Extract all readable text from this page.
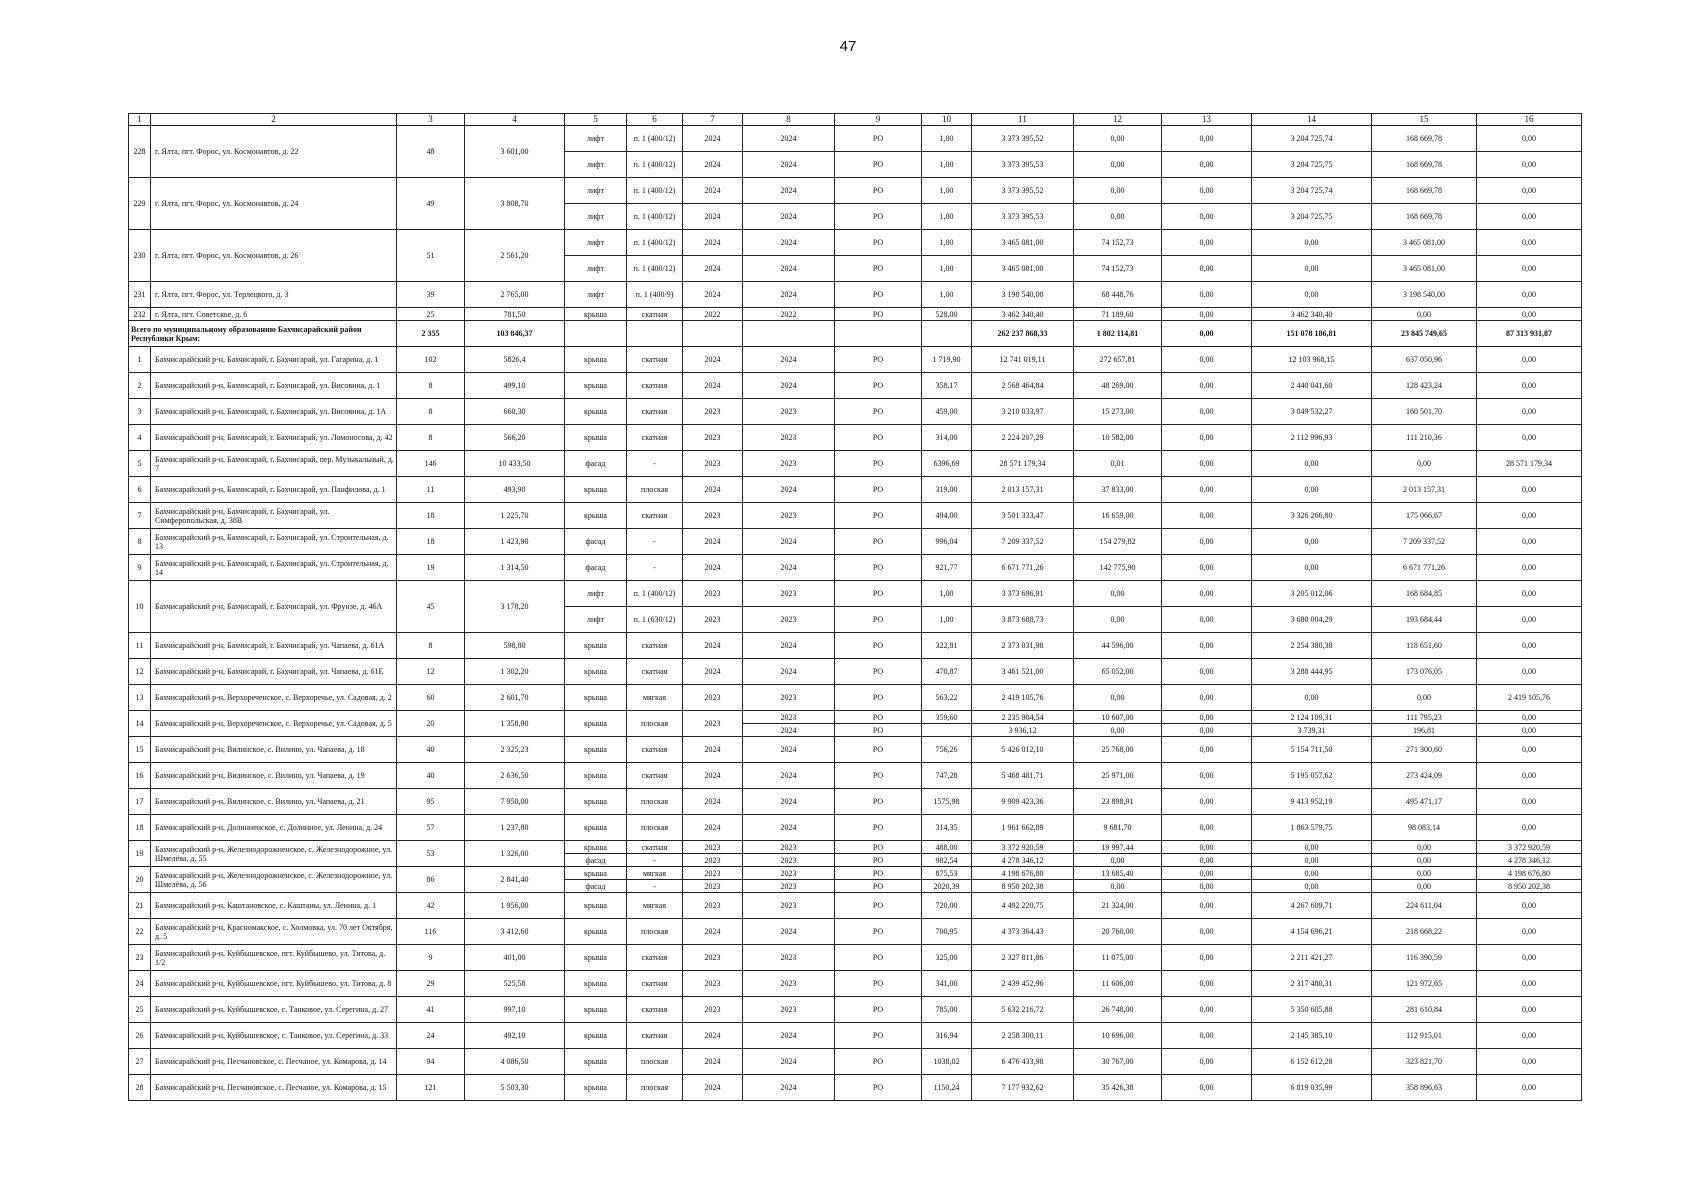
47
1	2	3	4	5	6	7	8	9	10	11	12	13	14	15	16
228	г. Ялта, пгт. Форос, ул. Космонавтов, д. 22	48	3 601,00	лифт	п. 1 (400/12)	2024	2024	РО	1,00	3 373 395,52	0,00	0,00	3 204 725,74	168 669,78	0,00
				лифт	п. 1 (400/12)	2024	2024	РО	1,00	3 373 395,53	0,00	0,00	3 204 725,75	168 669,78	0,00
229	г. Ялта, пгт. Форос, ул. Космонавтов, д. 24	49	3 808,70	лифт	п. 1 (400/12)	2024	2024	РО	1,00	3 373 395,52	0,00	0,00	3 204 725,74	168 669,78	0,00
				лифт	п. 1 (400/12)	2024	2024	РО	1,00	3 373 395,53	0,00	0,00	3 204 725,75	168 669,78	0,00
230	г. Ялта, пгт. Форос, ул. Космонавтов, д. 26	51	2 561,20	лифт	п. 1 (400/12)	2024	2024	РО	1,00	3 465 081,00	74 152,73	0,00	0,00	3 465 081,00	0,00
				лифт	п. 1 (400/12)	2024	2024	РО	1,00	3 465 081,00	74 152,73	0,00	0,00	3 465 081,00	0,00
231	г. Ялта, пгт. Форос, ул. Терлецкого, д. 3	39	2 765,00	лифт	п. 1 (400/9)	2024	2024	РО	1,00	3 198 540,00	68 448,76	0,00	0,00	3 198 540,00	0,00
232	г. Ялта, пгт. Советское, д. 6	25	781,50	крыша	скатная	2022	2022	РО	528,00	3 462 340,40	71 189,60	0,00	3 462 340,40	0,00	0,00
Всего по муниципальному образованию Бахчисарайский район Республики Крым:		2 355	103 846,37							262 237 868,33	1 802 114,81	0,00	151 078 186,81	23 845 749,65	87 313 931,87
1	Бахчисарайский р-н, Бахчисарай, г. Бахчисарай, ул. Гагарина, д. 1	102	5826,4	крыша	скатная	2024	2024	РО	1 719,90	12 741 019,11	272 657,81	0,00	12 103 968,15	637 050,96	0,00
2	Бахчисарайский р-н, Бахчисарай, г. Бахчисарай, ул. Висовина, д. 1	8	499,10	крыша	скатная	2024	2024	РО	358,17	2 568 464,84	48 269,00	0,00	2 440 041,60	128 423,24	0,00
3	Бахчисарайский р-н, Бахчисарай, г. Бахчисарай, ул. Висовина, д. 1А	8	660,30	крыша	скатная	2023	2023	РО	459,00	3 210 033,97	15 273,00	0,00	3 049 532,27	160 501,70	0,00
4	Бахчисарайский р-н, Бахчисарай, г. Бахчисарай, ул. Ломоносова, д. 42	8	566,20	крыша	скатная	2023	2023	РО	314,00	2 224 207,29	10 582,00	0,00	2 112 996,93	111 210,36	0,00
5	Бахчисарайский р-н, Бахчисарай, г. Бахчисарай, пер. Музыкальный, д. 7	146	10 433,50	фасад	-	2023	2023	РО	6396,69	28 571 179,34	0,01	0,00	0,00	0,00	28 571 179,34
6	Бахчисарайский р-н, Бахчисарай, г. Бахчисарай, ул. Панфилова, д. 1	11	493,90	крыша	плоская	2024	2024	РО	319,00	2 013 157,31	37 833,00	0,00	0,00	2 013 157,31	0,00
7	Бахчисарайский р-н, Бахчисарай, г. Бахчисарай, ул. Симферопольская, д. 38В	18	1 225,70	крыша	скатная	2023	2023	РО	494,00	3 501 333,47	16 659,00	0,00	3 326 266,80	175 066,67	0,00
8	Бахчисарайский р-н, Бахчисарай, г. Бахчисарай, ул. Строительная, д. 13	18	1 423,90	фасад	-	2024	2024	РО	996,04	7 209 337,52	154 279,82	0,00	0,00	7 209 337,52	0,00
9	Бахчисарайский р-н, Бахчисарай, г. Бахчисарай, ул. Строительная, д. 14	19	1 314,50	фасад	-	2024	2024	РО	921,77	6 671 771,26	142 775,90	0,00	0,00	6 671 771,26	0,00
10	Бахчисарайский р-н, Бахчисарай, г. Бахчисарай, ул. Фрунзе, д. 46А	45	3 178,20	лифт	п. 1 (400/12)	2023	2023	РО	1,00	3 373 696,91	0,00	0,00	3 205 012,06	168 684,85	0,00
				лифт	п. 1 (630/12)	2023	2023	РО	1,00	3 873 688,73	0,00	0,00	3 680 004,29	193 684,44	0,00
11	Бахчисарайский р-н, Бахчисарай, г. Бахчисарай, ул. Чапаева, д. 61А	8	598,80	крыша	скатная	2024	2024	РО	322,81	2 373 031,98	44 596,00	0,00	2 254 380,38	118 651,60	0,00
12	Бахчисарайский р-н, Бахчисарай, г. Бахчисарай, ул. Чапаева, д. 61Е	12	1 302,20	крыша	скатная	2024	2024	РО	470,87	3 461 521,00	65 052,00	0,00	3 288 444,95	173 076,05	0,00
13	Бахчисарайский р-н, Верхореченское, с. Верхоречье, ул. Садовая, д. 2	60	2 601,70	крыша	мягкая	2023	2023	РО	563,22	2 419 105,76	0,00	0,00	0,00	0,00	2 419 105,76
14	Бахчисарайский р-н, Верхореченское, с. Верхоречье, ул. Садовая, д. 5	20	1 358,90	крыша	плоская	2023	2023	РО	359,60	2 235 904,54	10 607,00	0,00	2 124 109,31	111 795,23	0,00
							2024	РО		3 936,12	0,00	0,00	3 739,31	196,81	0,00
15	Бахчисарайский р-н, Вилинское, с. Вилино, ул. Чапаева, д. 18	40	2 325,23	крыша	скатная	2024	2024	РО	756,26	5 426 012,10	25 768,00	0,00	5 154 711,50	271 300,60	0,00
16	Бахчисарайский р-н, Вилинское, с. Вилино, ул. Чапаева, д. 19	40	2 636,50	крыша	скатная	2024	2024	РО	747,28	5 468 481,71	25 971,00	0,00	5 195 057,62	273 424,09	0,00
17	Бахчисарайский р-н, Вилинское, с. Вилино, ул. Чапаева, д. 21	95	7 950,00	крыша	плоская	2024	2024	РО	1575,98	9 909 423,36	23 898,91	0,00	9 413 952,19	495 471,17	0,00
18	Бахчисарайский р-н, Долинненское, с. Долинное, ул. Ленина, д. 24	57	1 237,80	крыша	плоская	2024	2024	РО	314,35	1 961 662,89	9 681,70	0,00	1 863 579,75	98 083,14	0,00
19	Бахчисарайский р-н, Железнодорожненское, с. Железнодорожное, ул. Шмелёва, д. 55	53	1 326,00	крыша	скатная	2023	2023	РО	488,00	3 372 920,59	19 997,44	0,00	0,00	0,00	3 372 920,59
				фасад	-	2023	2023	РО	982,54	4 278 346,12	0,00	0,00	0,00	0,00	4 278 346,12
20	Бахчисарайский р-н, Железнодорожненское, с. Железнодорожное, ул. Шмелёва, д. 56	86	2 841,40	крыша	мягкая	2023	2023	РО	875,53	4 198 676,80	13 685,40	0,00	0,00	0,00	4 198 676,80
				фасад	-	2023	2023	РО	2020,39	8 950 202,38	0,00	0,00	0,00	0,00	8 950 202,38
21	Бахчисарайский р-н, Каштановское, с. Каштаны, ул. Ленина, д. 1	42	1 956,00	крыша	мягкая	2023	2023	РО	720,00	4 492 220,75	21 324,00	0,00	4 267 609,71	224 611,04	0,00
22	Бахчисарайский р-н, Красномакское, с. Холмовка, ул. 70 лет Октября, д. 5	116	3 412,60	крыша	плоская	2024	2024	РО	700,95	4 373 364,43	20 760,00	0,00	4 154 696,21	218 668,22	0,00
23	Бахчисарайский р-н, Куйбышевское, пгт. Куйбышево, ул. Титова, д. 1/2	9	401,00	крыша	скатная	2023	2023	РО	325,00	2 327 811,86	11 075,00	0,00	2 211 421,27	116 390,59	0,00
24	Бахчисарайский р-н, Куйбышевское, пгт. Куйбышево, ул. Титова, д. 8	29	525,58	крыша	скатная	2023	2023	РО	341,00	2 439 452,96	11 606,00	0,00	2 317 480,31	121 972,65	0,00
25	Бахчисарайский р-н, Куйбышевское, с. Танковое, ул. Серегина, д. 27	41	997,10	крыша	скатная	2023	2023	РО	785,00	5 632 216,72	26 748,00	0,00	5 350 605,88	281 610,84	0,00
26	Бахчисарайский р-н, Куйбышевское, с. Танковое, ул. Серегина, д. 33	24	492,10	крыша	скатная	2024	2024	РО	316,94	2 258 300,11	10 696,00	0,00	2 145 385,10	112 915,01	0,00
27	Бахчисарайский р-н, Песчановское, с. Песчаное, ул. Комарова, д. 14	94	4 086,50	крыша	плоская	2024	2024	РО	1038,02	6 476 433,98	30 767,00	0,00	6 152 612,28	323 821,70	0,00
28	Бахчисарайский р-н, Песчановское, с. Песчаное, ул. Комарова, д. 15	121	5 503,30	крыша	плоская	2024	2024	РО	1150,24	7 177 932,62	35 426,38	0,00	6 819 035,99	358 896,63	0,00
